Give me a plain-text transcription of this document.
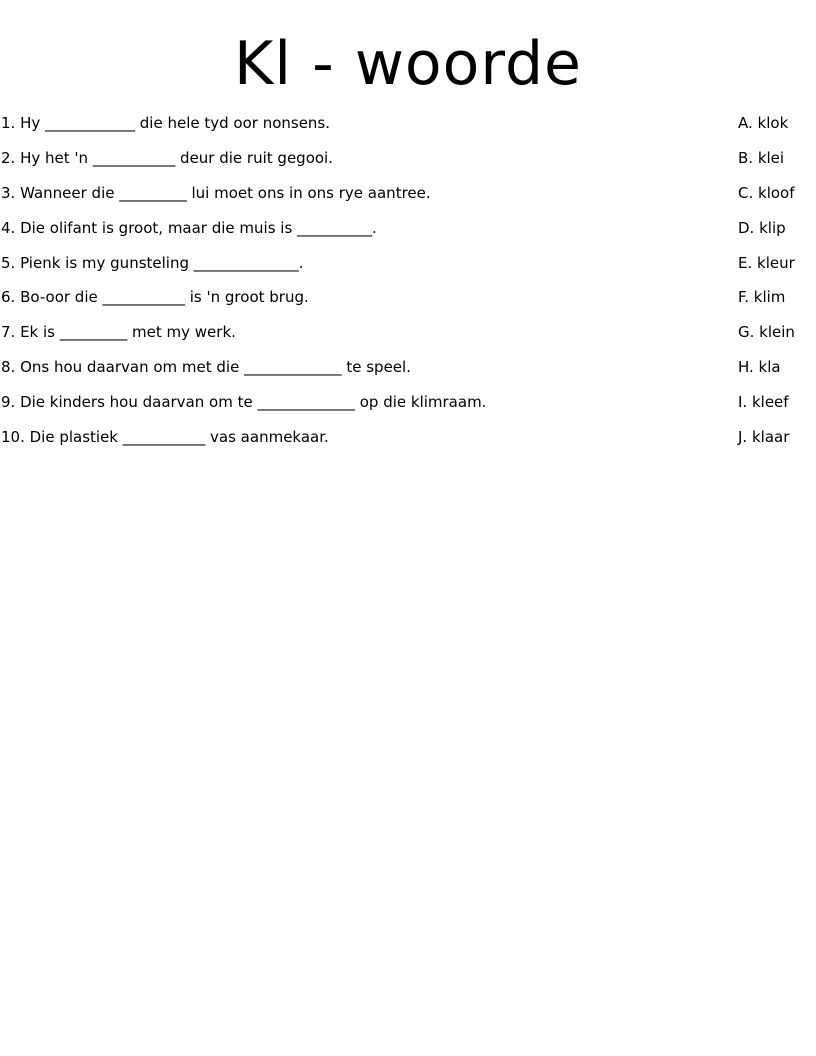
Kl - woorde
1. Hy ____________ die hele tyd oor nonsens.	A. klok
2. Hy het 'n ___________ deur die ruit gegooi.	B. klei
3. Wanneer die _________ lui moet ons in ons rye aantree.	C. kloof
4. Die olifant is groot, maar die muis is __________.	D. klip
5. Pienk is my gunsteling ______________.	E. kleur
6. Bo-oor die ___________ is 'n groot brug.	F. klim
7. Ek is _________ met my werk.	G. klein
8. Ons hou daarvan om met die _____________ te speel.	H. kla
9. Die kinders hou daarvan om te _____________ op die klimraam.	I. kleef
10. Die plastiek ___________ vas aanmekaar.	J. klaar
